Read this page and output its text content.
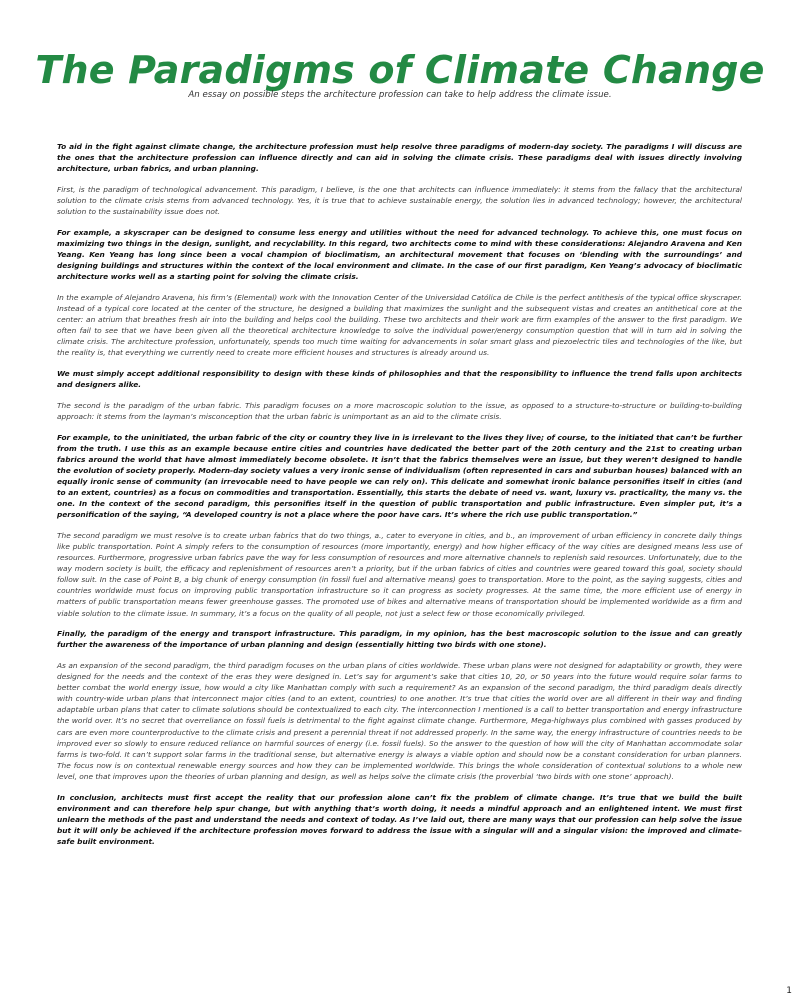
The Paradigms of Climate Change
An essay on possible steps the architecture profession can take to help address the climate issue.

To aid in the fight against climate change, the architecture profession must help resolve three paradigms of modern-day society. The paradigms I will discuss are the ones that the architecture profession can influence directly and can aid in solving the climate crisis. These paradigms deal with issues directly involving architecture, urban fabrics, and urban planning.

First, is the paradigm of technological advancement. This paradigm, I believe, is the one that architects can influence immediately: it stems from the fallacy that the architectural solution to the climate crisis stems from advanced technology. Yes, it is true that to achieve sustainable energy, the solution lies in advanced technology; however, the architectural solution to the sustainability issue does not.

For example, a skyscraper can be designed to consume less energy and utilities without the need for advanced technology. To achieve this, one must focus on maximizing two things in the design, sunlight, and recyclability. In this regard, two architects come to mind with these considerations: Alejandro Aravena and Ken Yeang. Ken Yeang has long since been a vocal champion of bioclimatism, an architectural movement that focuses on ‘blending with the surroundings’ and designing buildings and structures within the context of the local environment and climate. In the case of our first paradigm, Ken Yeang’s advocacy of bioclimatic architecture works well as a starting point for solving the climate crisis.

In the example of Alejandro Aravena, his firm’s (Elemental) work with the Innovation Center of the Universidad Católica de Chile is the perfect antithesis of the typical office skyscraper. Instead of a typical core located at the center of the structure, he designed a building that maximizes the sunlight and the subsequent vistas and creates an antithetical core at the center: an atrium that breathes fresh air into the building and helps cool the building. These two architects and their work are firm examples of the answer to the first paradigm. We often fail to see that we have been given all the theoretical architecture knowledge to solve the individual power/energy consumption question that will in turn aid in solving the climate crisis. The architecture profession, unfortunately, spends too much time waiting for advancements in solar smart glass and piezoelectric tiles and technologies of the like, but the reality is, that everything we currently need to create more efficient houses and structures is already around us.

We must simply accept additional responsibility to design with these kinds of philosophies and that the responsibility to influence the trend falls upon architects and designers alike.

The second is the paradigm of the urban fabric. This paradigm focuses on a more macroscopic solution to the issue, as opposed to a structure-to-structure or building-to-building approach: it stems from the layman’s misconception that the urban fabric is unimportant as an aid to the climate crisis.

For example, to the uninitiated, the urban fabric of the city or country they live in is irrelevant to the lives they live; of course, to the initiated that can’t be further from the truth. I use this as an example because entire cities and countries have dedicated the better part of the 20th century and the 21st to creating urban fabrics around the world that have almost immediately become obsolete. It isn’t that the fabrics themselves were an issue, but they weren’t designed to handle the evolution of society properly. Modern-day society values a very ironic sense of individualism (often represented in cars and suburban houses) balanced with an equally ironic sense of community (an irrevocable need to have people we can rely on). This delicate and somewhat ironic balance personifies itself in cities (and to an extent, countries) as a focus on commodities and transportation. Essentially, this starts the debate of need vs. want, luxury vs. practicality, the many vs. the one. In the context of the second paradigm, this personifies itself in the question of public transportation and public infrastructure. Even simpler put, it’s a personification of the saying, “A developed country is not a place where the poor have cars. It’s where the rich use public transportation.”

The second paradigm we must resolve is to create urban fabrics that do two things, a., cater to everyone in cities, and b., an improvement of urban efficiency in concrete daily things like public transportation. Point A simply refers to the consumption of resources (more importantly, energy) and how higher efficacy of the way cities are designed means less use of resources. Furthermore, progressive urban fabrics pave the way for less consumption of resources and more alternative channels to replenish said resources. Unfortunately, due to the way modern society is built, the efficacy and replenishment of resources aren’t a priority, but if the urban fabrics of cities and countries were geared toward this goal, society should follow suit. In the case of Point B, a big chunk of energy consumption (in fossil fuel and alternative means) goes to transportation. More to the point, as the saying suggests, cities and countries worldwide must focus on improving public transportation infrastructure so it can progress as society progresses. At the same time, the more efficient use of energy in matters of public transportation means fewer greenhouse gasses. The promoted use of bikes and alternative means of transportation should be implemented worldwide as a firm and viable solution to the climate issue. In summary, it’s a focus on the quality of all people, not just a select few or those economically privileged.

Finally, the paradigm of the energy and transport infrastructure. This paradigm, in my opinion, has the best macroscopic solution to the issue and can greatly further the awareness of the importance of urban planning and design (essentially hitting two birds with one stone).

As an expansion of the second paradigm, the third paradigm focuses on the urban plans of cities worldwide. These urban plans were not designed for adaptability or growth, they were designed for the needs and the context of the eras they were designed in. Let’s say for argument’s sake that cities 10, 20, or 50 years into the future would require solar farms to better combat the world energy issue, how would a city like Manhattan comply with such a requirement? As an expansion of the second paradigm, the third paradigm deals directly with country-wide urban plans that interconnect major cities (and to an extent, countries) to one another. It’s true that cities the world over are all different in their way and finding adaptable urban plans that cater to climate solutions should be contextualized to each city. The interconnection I mentioned is a call to better transportation and energy infrastructure the world over. It’s no secret that overreliance on fossil fuels is detrimental to the fight against climate change. Furthermore, Mega-highways plus combined with gasses produced by cars are even more counterproductive to the climate crisis and present a perennial threat if not addressed properly. In the same way, the energy infrastructure of countries needs to be improved ever so slowly to ensure reduced reliance on harmful sources of energy (i.e. fossil fuels). So the answer to the question of how will the city of Manhattan accommodate solar farms is two-fold. It can’t support solar farms in the traditional sense, but alternative energy is always a viable option and should now be a constant consideration for urban planners. The focus now is on contextual renewable energy sources and how they can be implemented worldwide. This brings the whole consideration of contextual solutions to a whole new level, one that improves upon the theories of urban planning and design, as well as helps solve the climate crisis (the proverbial ‘two birds with one stone’ approach).

In conclusion, architects must first accept the reality that our profession alone can’t fix the problem of climate change. It’s true that we build the built environment and can therefore help spur change, but with anything that’s worth doing, it needs a mindful approach and an enlightened intent. We must first unlearn the methods of the past and understand the needs and context of today. As I’ve laid out, there are many ways that our profession can help solve the issue but it will only be achieved if the architecture profession moves forward to address the issue with a singular will and a singular vision: the improved and climate-safe built environment.

1
